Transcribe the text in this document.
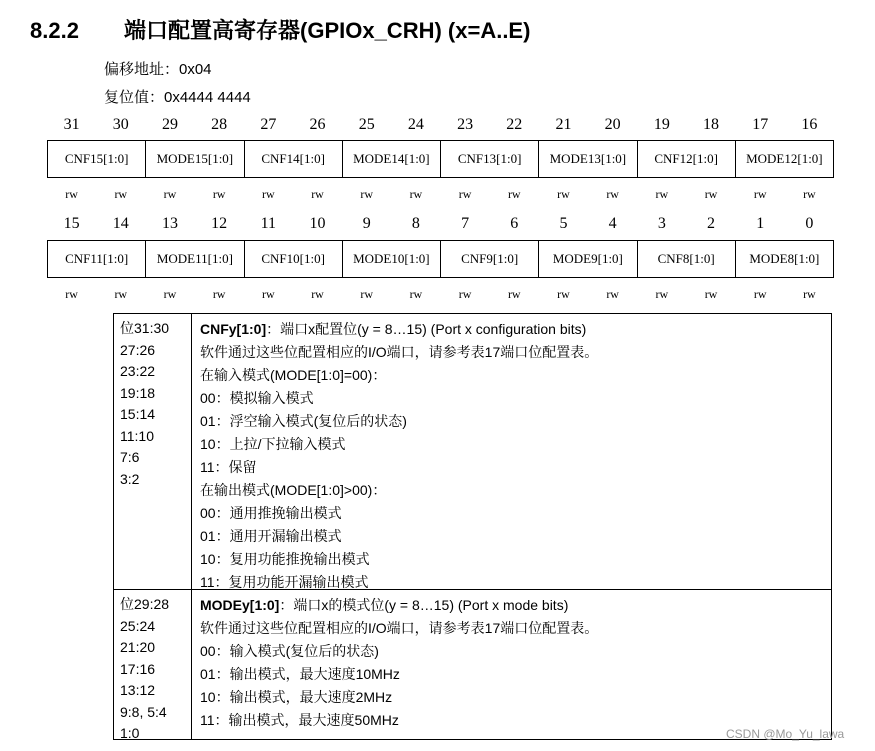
8.2.2 端口配置高寄存器(GPIOx_CRH) (x=A..E)
偏移地址：0x04
复位值：0x4444 4444
31	30	29	28	27	26	25	24	23	22	21	20	19	18	17	16
CNF15[1:0]	MODE15[1:0]	CNF14[1:0]	MODE14[1:0]	CNF13[1:0]	MODE13[1:0]	CNF12[1:0]	MODE12[1:0]
rw	rw	rw	rw	rw	rw	rw	rw	rw	rw	rw	rw	rw	rw	rw	rw
15	14	13	12	11	10	9	8	7	6	5	4	3	2	1	0
CNF11[1:0]	MODE11[1:0]	CNF10[1:0]	MODE10[1:0]	CNF9[1:0]	MODE9[1:0]	CNF8[1:0]	MODE8[1:0]
rw	rw	rw	rw	rw	rw	rw	rw	rw	rw	rw	rw	rw	rw	rw	rw
位31:30
27:26
23:22
19:18
15:14
11:10
7:6
3:2
CNFy[1:0]：端口x配置位(y = 8…15) (Port x configuration bits)
软件通过这些位配置相应的I/O端口，请参考表17端口位配置表。
在输入模式(MODE[1:0]=00)：
00：模拟输入模式
01：浮空输入模式(复位后的状态)
10：上拉/下拉输入模式
11：保留
在输出模式(MODE[1:0]>00)：
00：通用推挽输出模式
01：通用开漏输出模式
10：复用功能推挽输出模式
11：复用功能开漏输出模式
位29:28
25:24
21:20
17:16
13:12
9:8, 5:4
1:0
MODEy[1:0]：端口x的模式位(y = 8…15) (Port x mode bits)
软件通过这些位配置相应的I/O端口，请参考表17端口位配置表。
00：输入模式(复位后的状态)
01：输出模式，最大速度10MHz
10：输出模式，最大速度2MHz
11：输出模式，最大速度50MHz
CSDN @Mo_Yu_lawa
